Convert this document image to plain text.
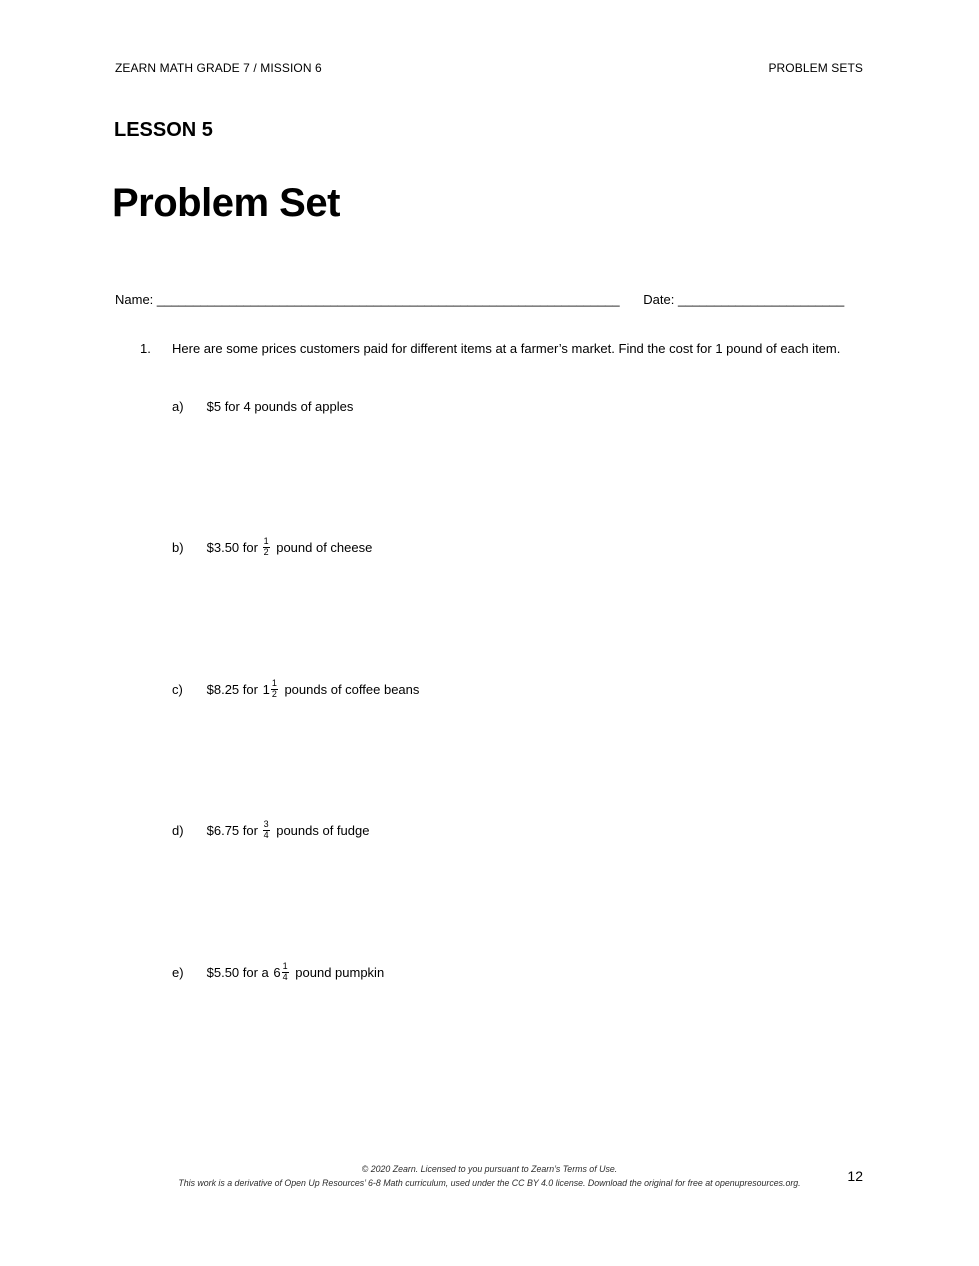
ZEARN MATH GRADE 7 / MISSION 6	PROBLEM SETS
LESSON 5
Problem Set
Name: ________________________________________________________________ Date: _______________________
1.	Here are some prices customers paid for different items at a farmer’s market. Find the cost for 1 pound of each item.
a) $5 for 4 pounds of apples
b) $3.50 for $\frac{1}{2}$ pound of cheese
c) $8.25 for $1 \frac{1}{2}$ pounds of coffee beans
d) $6.75 for $\frac{3}{4}$ pounds of fudge
e) $5.50 for a $6 \frac{1}{4}$ pound pumpkin
© 2020 Zearn. Licensed to you pursuant to Zearn’s Terms of Use.
This work is a derivative of Open Up Resources’ 6-8 Math curriculum, used under the CC BY 4.0 license. Download the original for free at openupresources.org.	12
